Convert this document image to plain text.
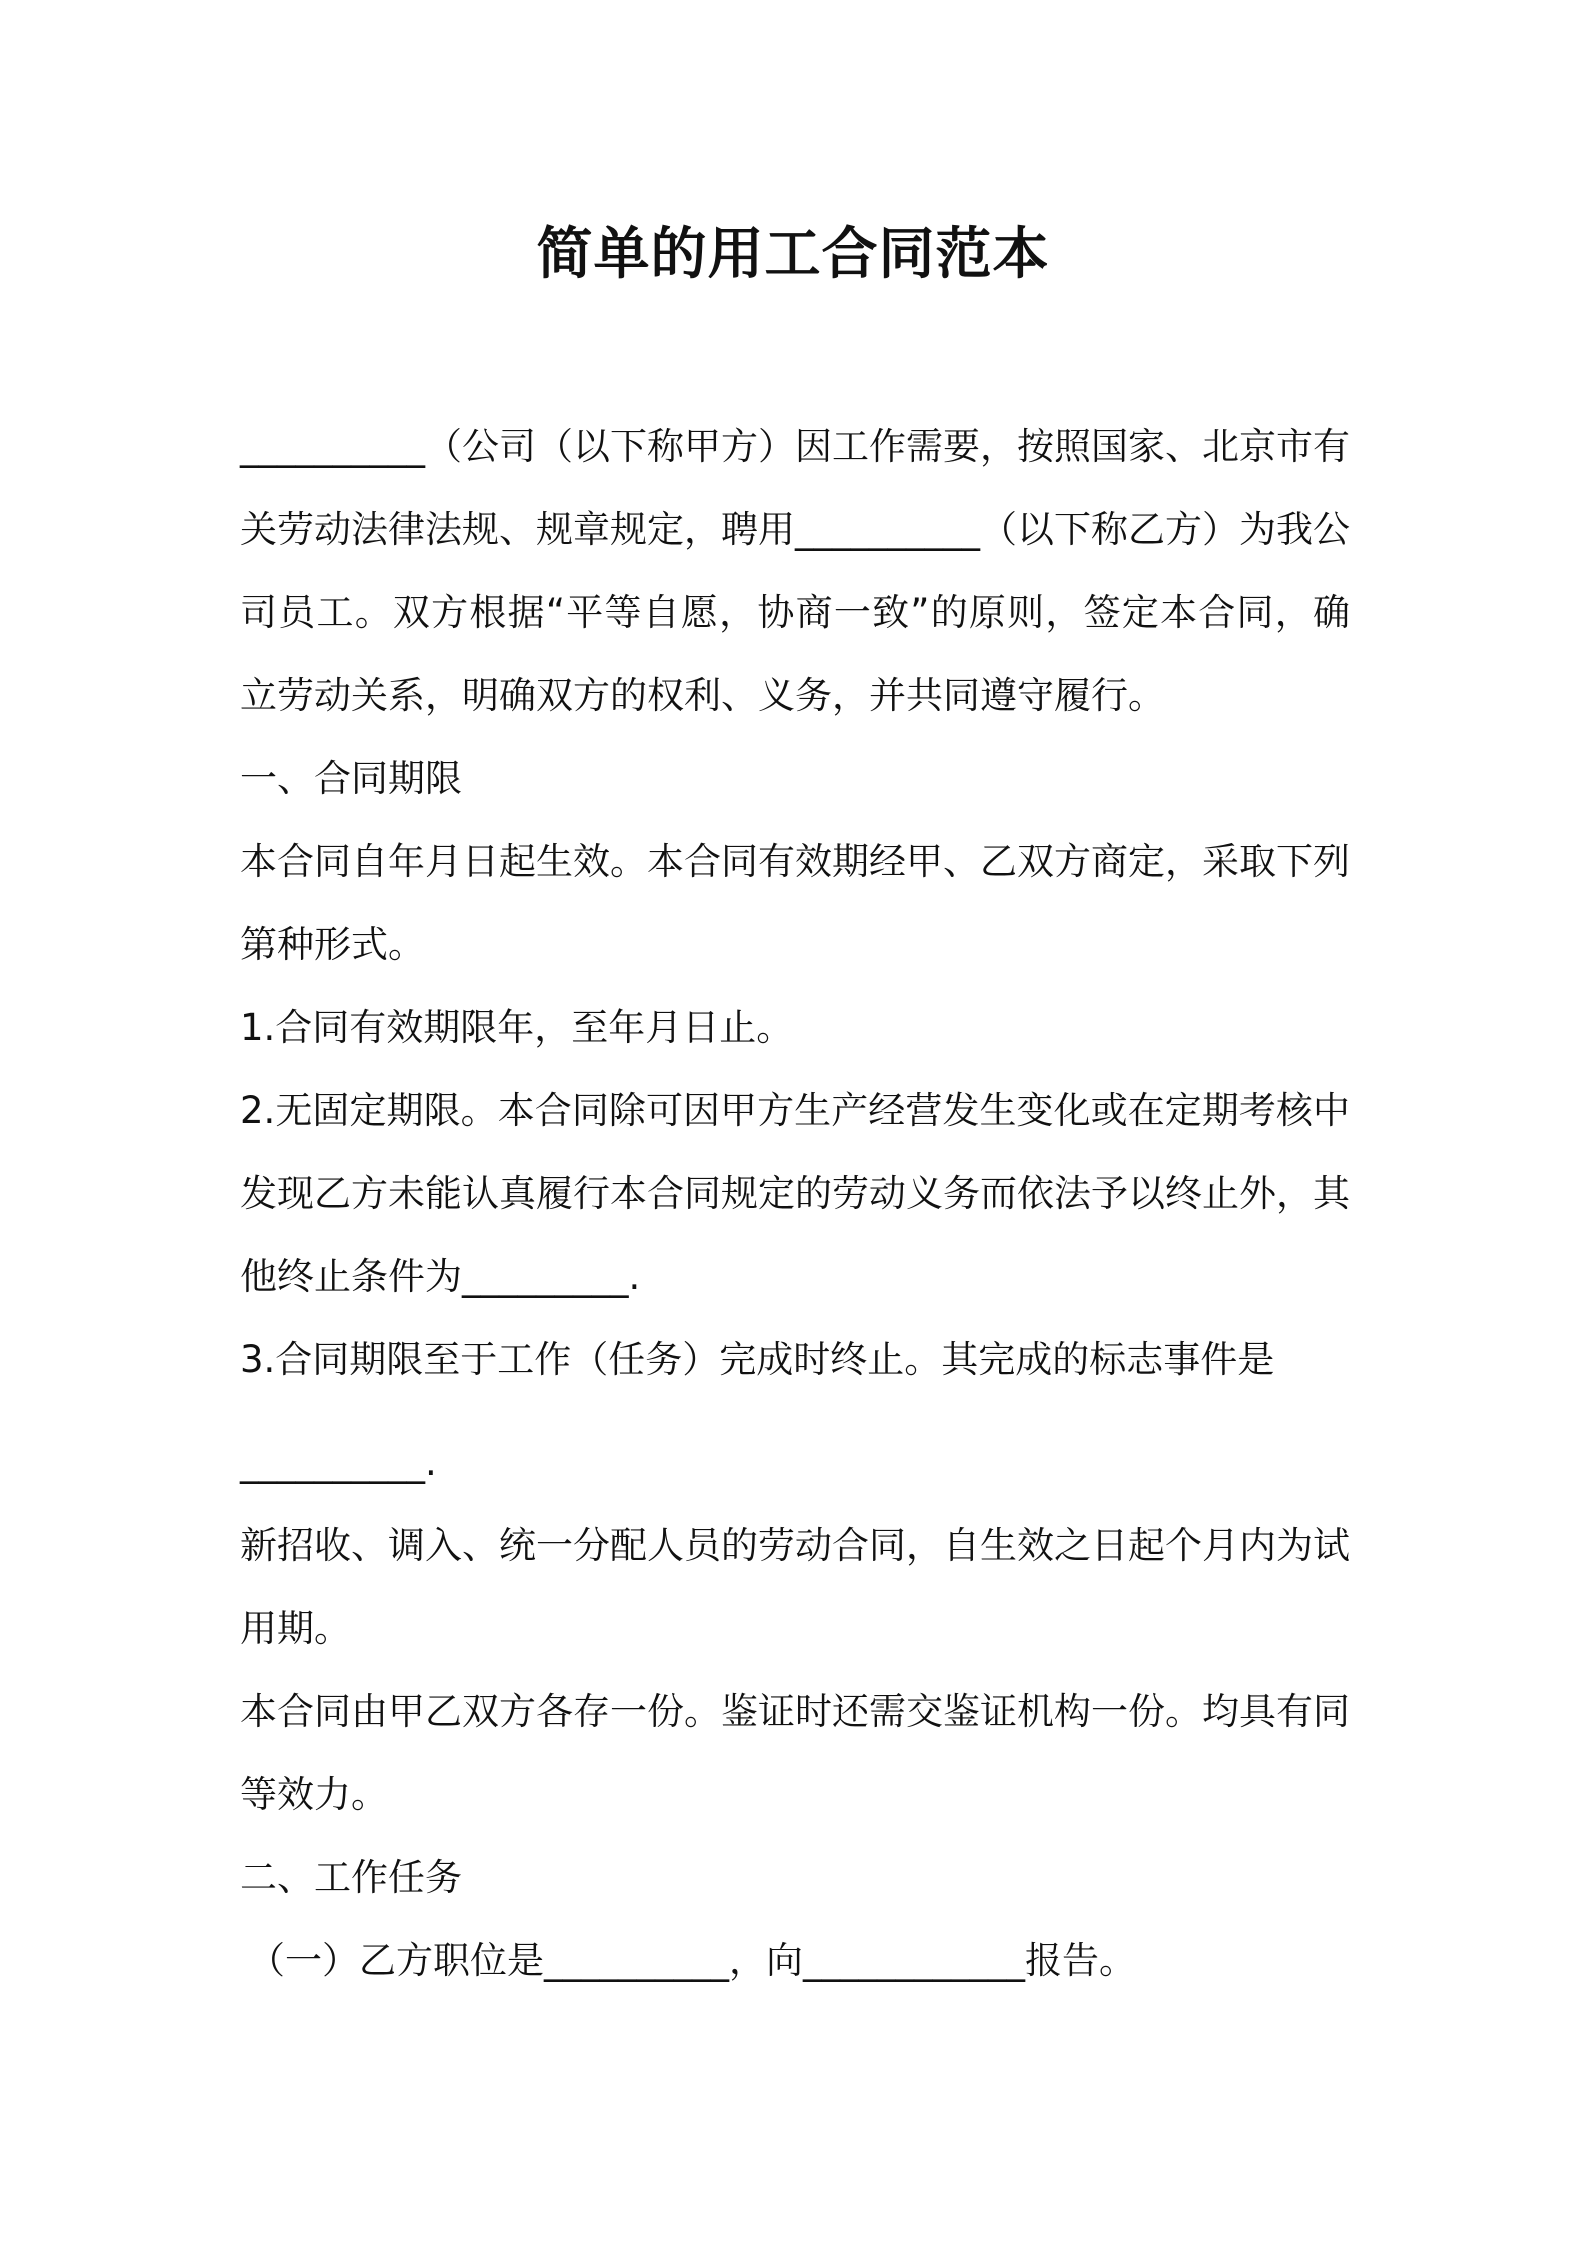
简单的用工合同范本

__________（公司（以下称甲方）因工作需要，按照国家、北京市有关劳动法律法规、规章规定，聘用__________（以下称乙方）为我公司员工。双方根据“平等自愿，协商一致”的原则，签定本合同，确立劳动关系，明确双方的权利、义务，并共同遵守履行。

一、合同期限

本合同自年月日起生效。本合同有效期经甲、乙双方商定，采取下列第种形式。

1.合同有效期限年，至年月日止。

2.无固定期限。本合同除可因甲方生产经营发生变化或在定期考核中发现乙方未能认真履行本合同规定的劳动义务而依法予以终止外，其他终止条件为_________.

3.合同期限至于工作（任务）完成时终止。其完成的标志事件是

__________.

新招收、调入、统一分配人员的劳动合同，自生效之日起个月内为试用期。

本合同由甲乙双方各存一份。鉴证时还需交鉴证机构一份。均具有同等效力。

二、工作任务

（一）乙方职位是__________，向____________报告。
